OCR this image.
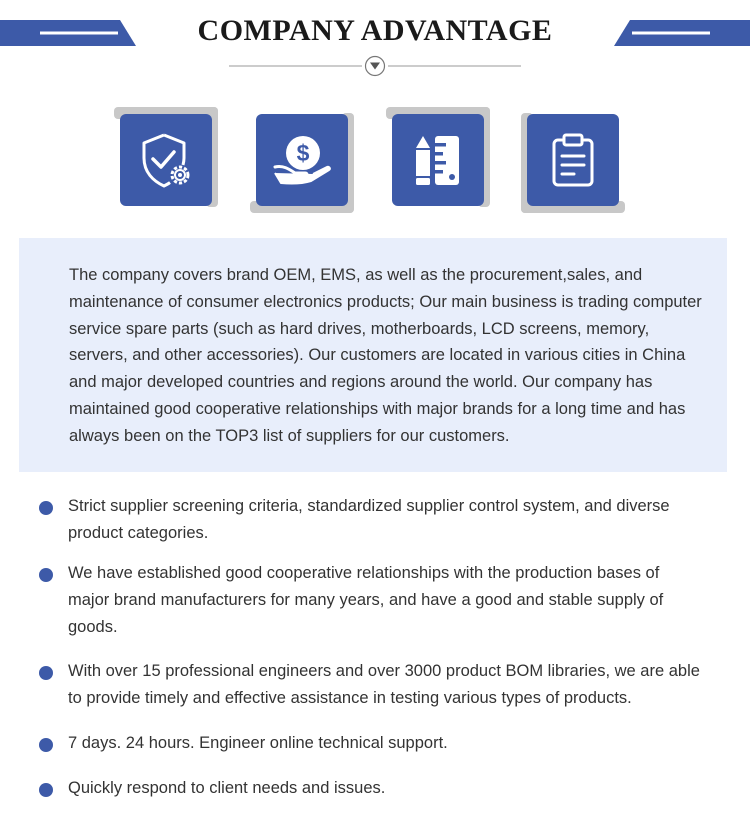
COMPANY ADVANTAGE
$

The company covers brand OEM, EMS, as well as the procurement,sales, and maintenance of consumer electronics products; Our main business is trading computer service spare parts (such as hard drives, motherboards, LCD screens, memory, servers, and other accessories). Our customers are located in various cities in China and major developed countries and regions around the world. Our company has maintained good cooperative relationships with major brands for a long time and has always been on the TOP3 list of suppliers for our customers.

Strict supplier screening criteria, standardized supplier control system, and diverse product categories.

We have established good cooperative relationships with the production bases of major brand manufacturers for many years, and have a good and stable supply of goods.

With over 15 professional engineers and over 3000 product BOM libraries, we are able to provide timely and effective assistance in testing various types of products.

7 days. 24 hours. Engineer online technical support.

Quickly respond to client needs and issues.
